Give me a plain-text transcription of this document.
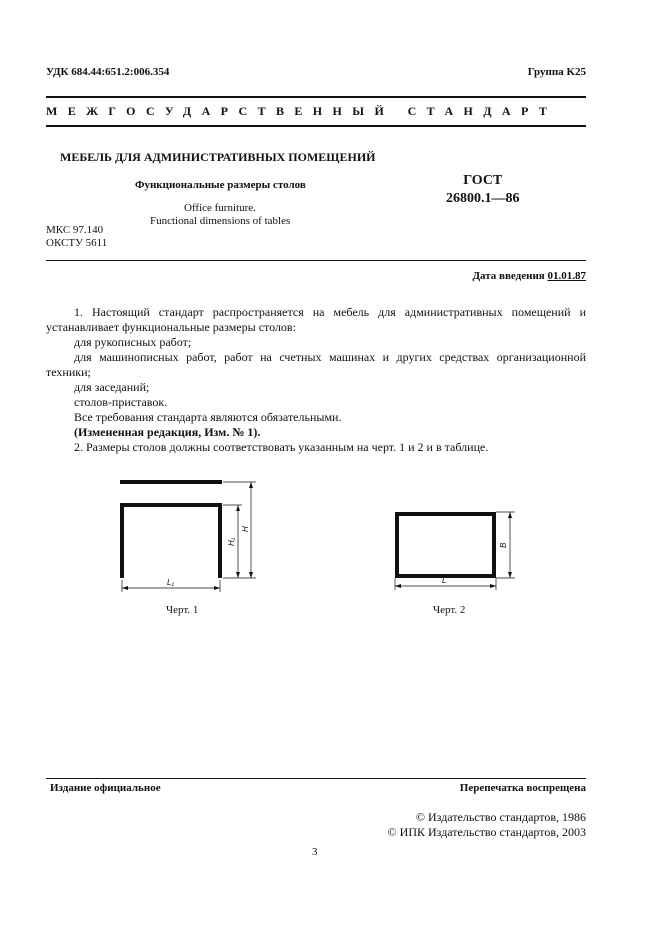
УДК 684.44:651.2:006.354	Группа K25
МЕЖГОСУДАРСТВЕННЫЙ СТАНДАРТ
МЕБЕЛЬ ДЛЯ АДМИНИСТРАТИВНЫХ ПОМЕЩЕНИЙ
Функциональные размеры столов
Office furniture.
Functional dimensions of tables
МКС 97.140
ОКСТУ 5611
ГОСТ
26800.1—86
Дата введения 01.01.87

1. Настоящий стандарт распространяется на мебель для административных помещений и устанавливает функциональные размеры столов:

для рукописных работ;

для машинописных работ, работ на счетных машинах и других средствах организационной техники;

для заседаний;

столов-приставок.

Все требования стандарта являются обязательными.

(Измененная редакция, Изм. № 1).

2. Размеры столов должны соответствовать указанным на черт. 1 и 2 и в таблице.

H₁
H
L₁
Черт. 1
B
L
Черт. 2
Издание официальное	Перепечатка воспрещена
© Издательство стандартов, 1986
© ИПК Издательство стандартов, 2003
3
